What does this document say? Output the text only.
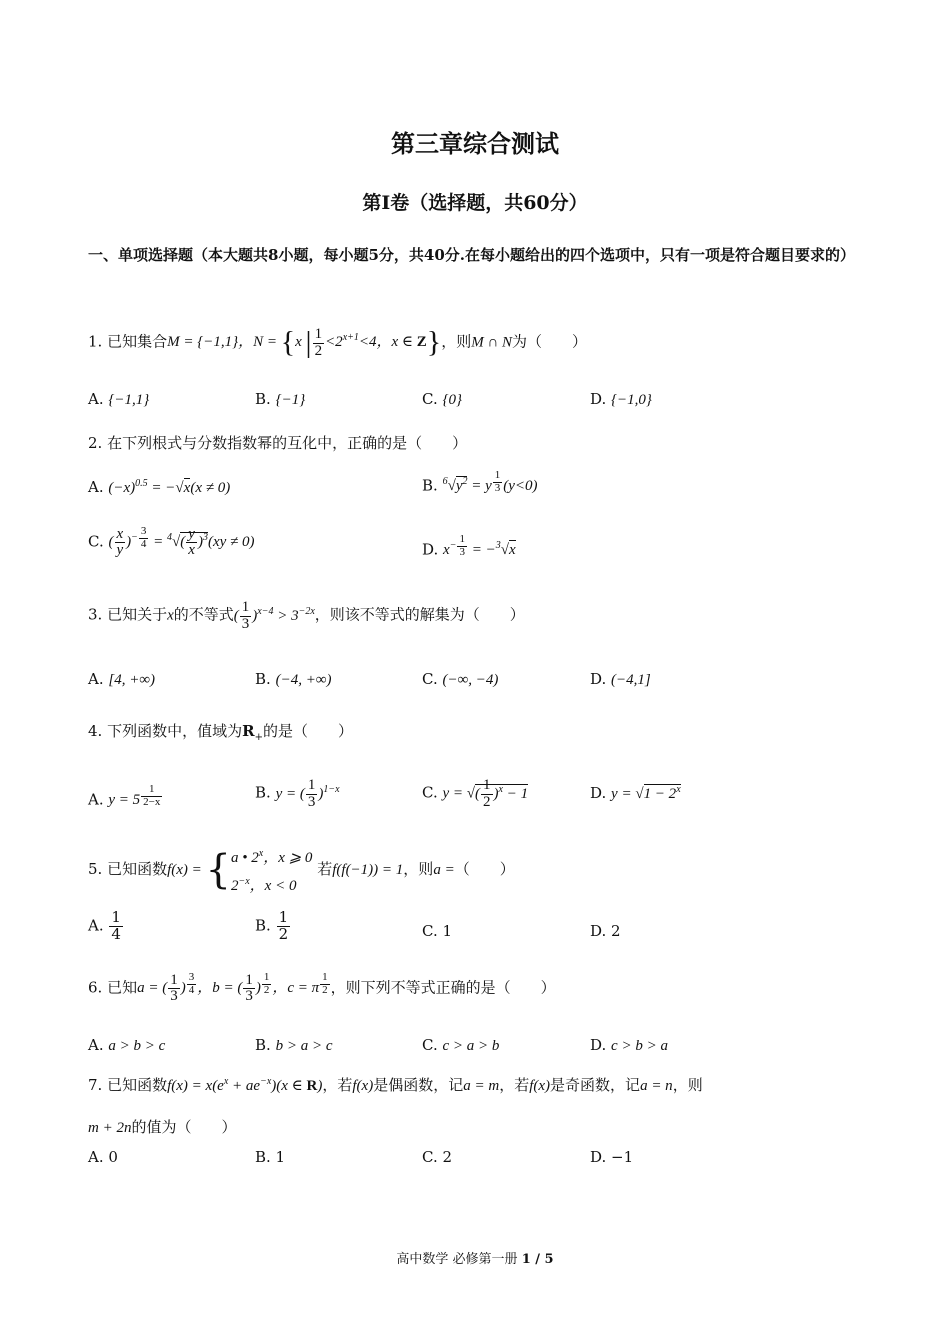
第三章综合测试
第Ⅰ卷（选择题，共60分）
一、单项选择题（本大题共8小题，每小题5分，共40分.在每小题给出的四个选项中，只有一项是符合题目要求的）
1. 已知集合M = {−1,1}，N = {x | $\frac{1}{2} <2^{x+1}<4$，x ∈ Z}，则M ∩ N为（　　）
A. {−1,1}	B. {−1}	C. {0}	D. {−1,0}
2. 在下列根式与分数指数幂的互化中，正确的是（　　）
A. $(-x)^{0.5} = -√x(x \ne 0)$	B. $^6√y^2 = y$ $^{\frac{1}{3}}$ (y<0)
C. ( $\frac{x}{y} )^{- \frac{3}{4}} = ^4√( \frac{y}{x} )^3(xy \ne 0)$	D. $x^{- \frac{1}{3}} = -^3√x$
3. 已知关于x的不等式( $\frac{1}{3} )^{x-4} > 3^{-2x}$，则该不等式的解集为（　　）
A. [4, +∞)	B. (−4, +∞)	C. (−∞, −4)	D. (−4,1]
4. 下列函数中，值域为$R_+$的是（　　）
A. y = 5 $^{\frac{1}{2-x}}$	B. y = ( $\frac{1}{3} )^{1-x}$	C. y = √( $\frac{1}{2} )^x - 1$	D. $y = √1 - 2^x$
5. 已知函数f(x) = {a • 2$^x$，x ⩾ 0
$2^{-x}$，x < 0 若f(f(−1)) = 1，则a =（　　）
A. $\frac{1}{4}$	B. $\frac{1}{2}$	C. 1	D. 2
6. 已知a = ( $\frac{1}{3}$ ) $^{\frac{3}{4}}$ ，b = ( $\frac{1}{3}$ ) $^{\frac{1}{2}}$ ，c = π $^{\frac{1}{2}}$ ，则下列不等式正确的是（　　）
A. a > b > c	B. b > a > c	C. c > a > b	D. c > b > a
7. 已知函数$f(x) = x(e^x + ae^{-x})(x$ ∈ R)，若f(x)是偶函数，记a = m，若f(x)是奇函数，记a = n，则
m + 2n的值为（　　）
A. 0	B. 1	C. 2	D. −1
高中数学 必修第一册 1 / 5
